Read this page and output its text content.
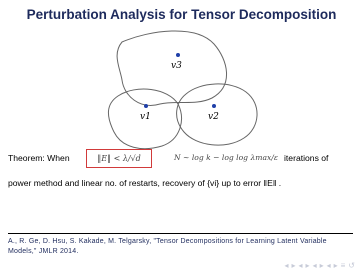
Perturbation Analysis for Tensor Decomposition
v3
v1	v2
Theorem: When	‖E‖ < λ/√d	N ∼ log k − log log λmax/ε iterations of
power method and linear no. of restarts, recovery of {vi} up to error ‖E‖ .
A., R. Ge, D. Hsu, S. Kakade, M. Telgarsky, "Tensor Decompositions for Learning Latent Variable Models," JMLR 2014.
◂ ▸ ◂ ▸ ◂ ▸ ◂ ▸ ≡ ↺
